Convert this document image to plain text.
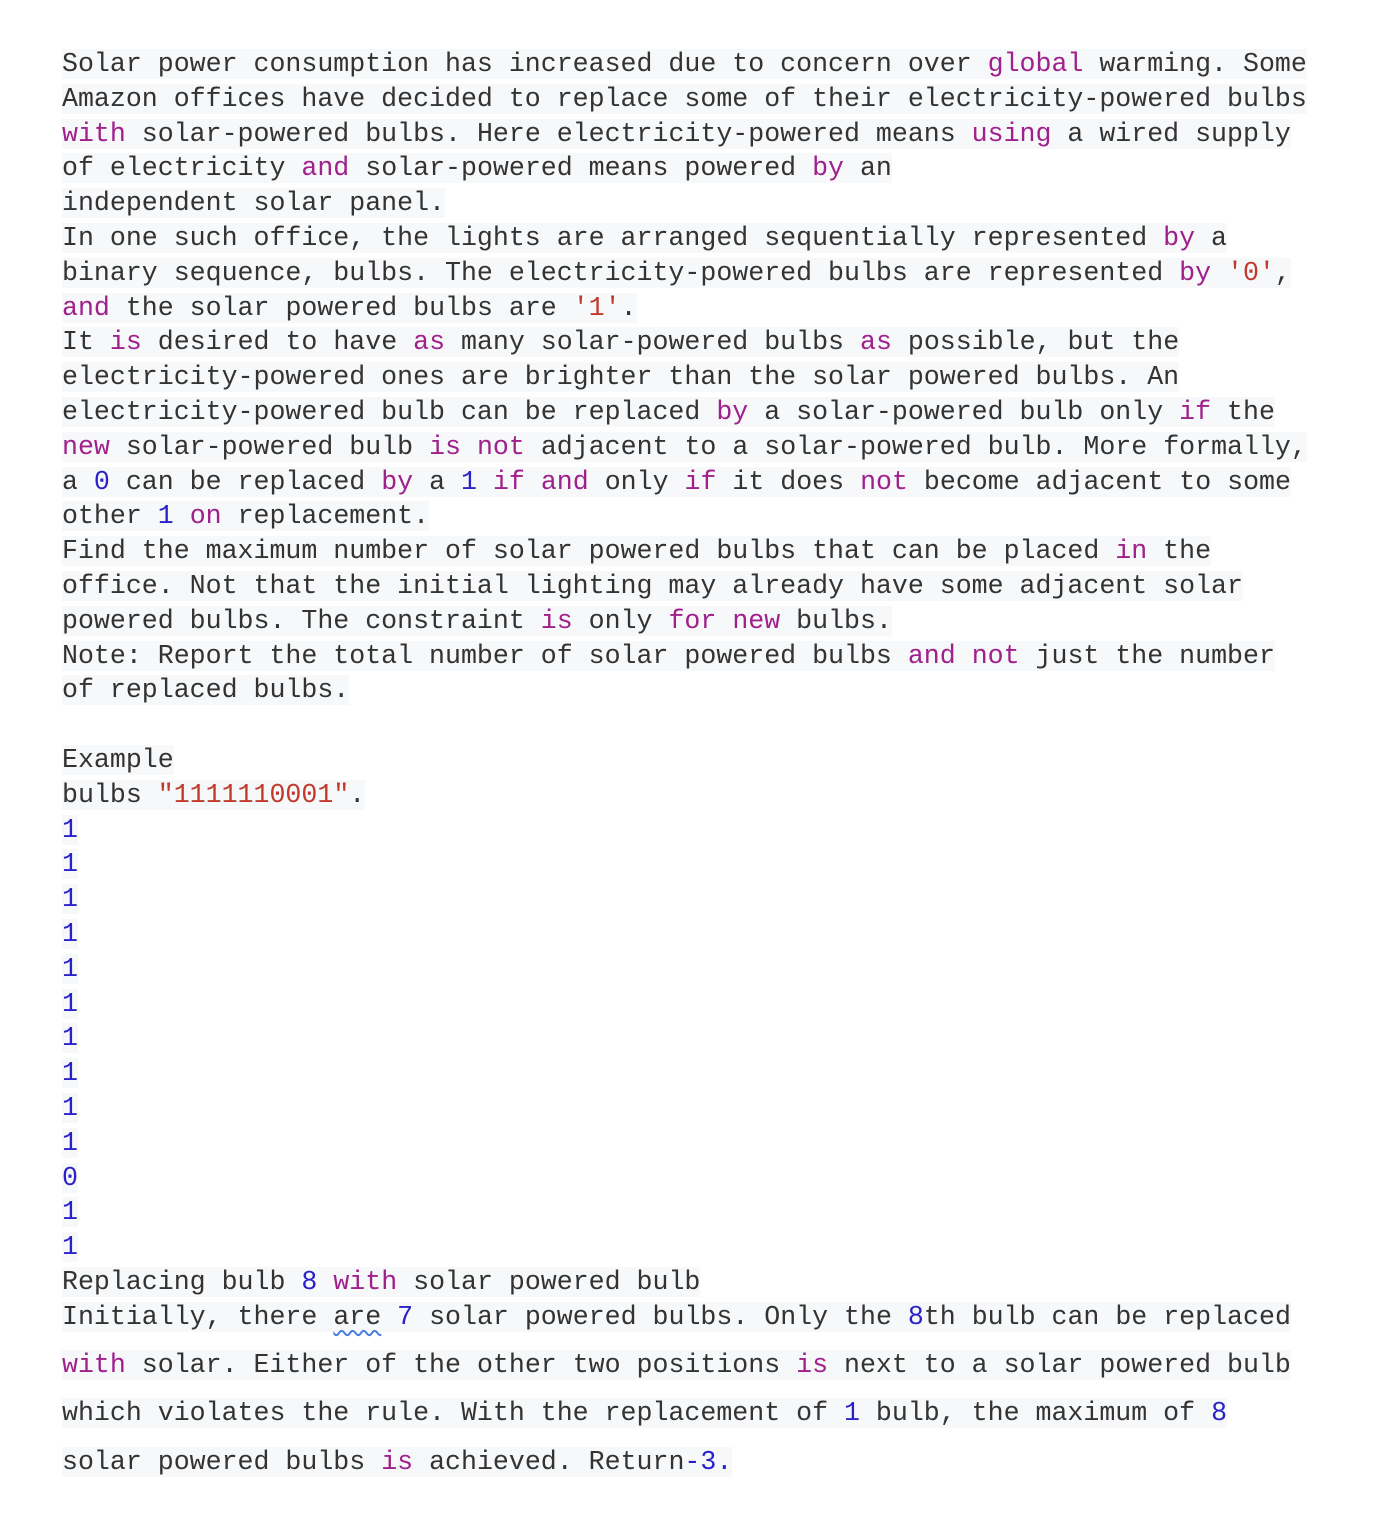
Solar power consumption has increased due to concern over global warming. Some
Amazon offices have decided to replace some of their electricity-powered bulbs
with solar-powered bulbs. Here electricity-powered means using a wired supply
of electricity and solar-powered means powered by an
independent solar panel.
In one such office, the lights are arranged sequentially represented by a
binary sequence, bulbs. The electricity-powered bulbs are represented by '0',
and the solar powered bulbs are '1'.
It is desired to have as many solar-powered bulbs as possible, but the
electricity-powered ones are brighter than the solar powered bulbs. An
electricity-powered bulb can be replaced by a solar-powered bulb only if the
new solar-powered bulb is not adjacent to a solar-powered bulb. More formally,
a 0 can be replaced by a 1 if and only if it does not become adjacent to some
other 1 on replacement.
Find the maximum number of solar powered bulbs that can be placed in the
office. Not that the initial lighting may already have some adjacent solar
powered bulbs. The constraint is only for new bulbs.
Note: Report the total number of solar powered bulbs and not just the number
of replaced bulbs.
Example
bulbs "1111110001".
1
1
1
1
1
1
1
1
1
1
0
1
1
Replacing bulb 8 with solar powered bulb
Initially, there are 7 solar powered bulbs. Only the 8th bulb can be replaced
with solar. Either of the other two positions is next to a solar powered bulb
which violates the rule. With the replacement of 1 bulb, the maximum of 8
solar powered bulbs is achieved. Return-3.
